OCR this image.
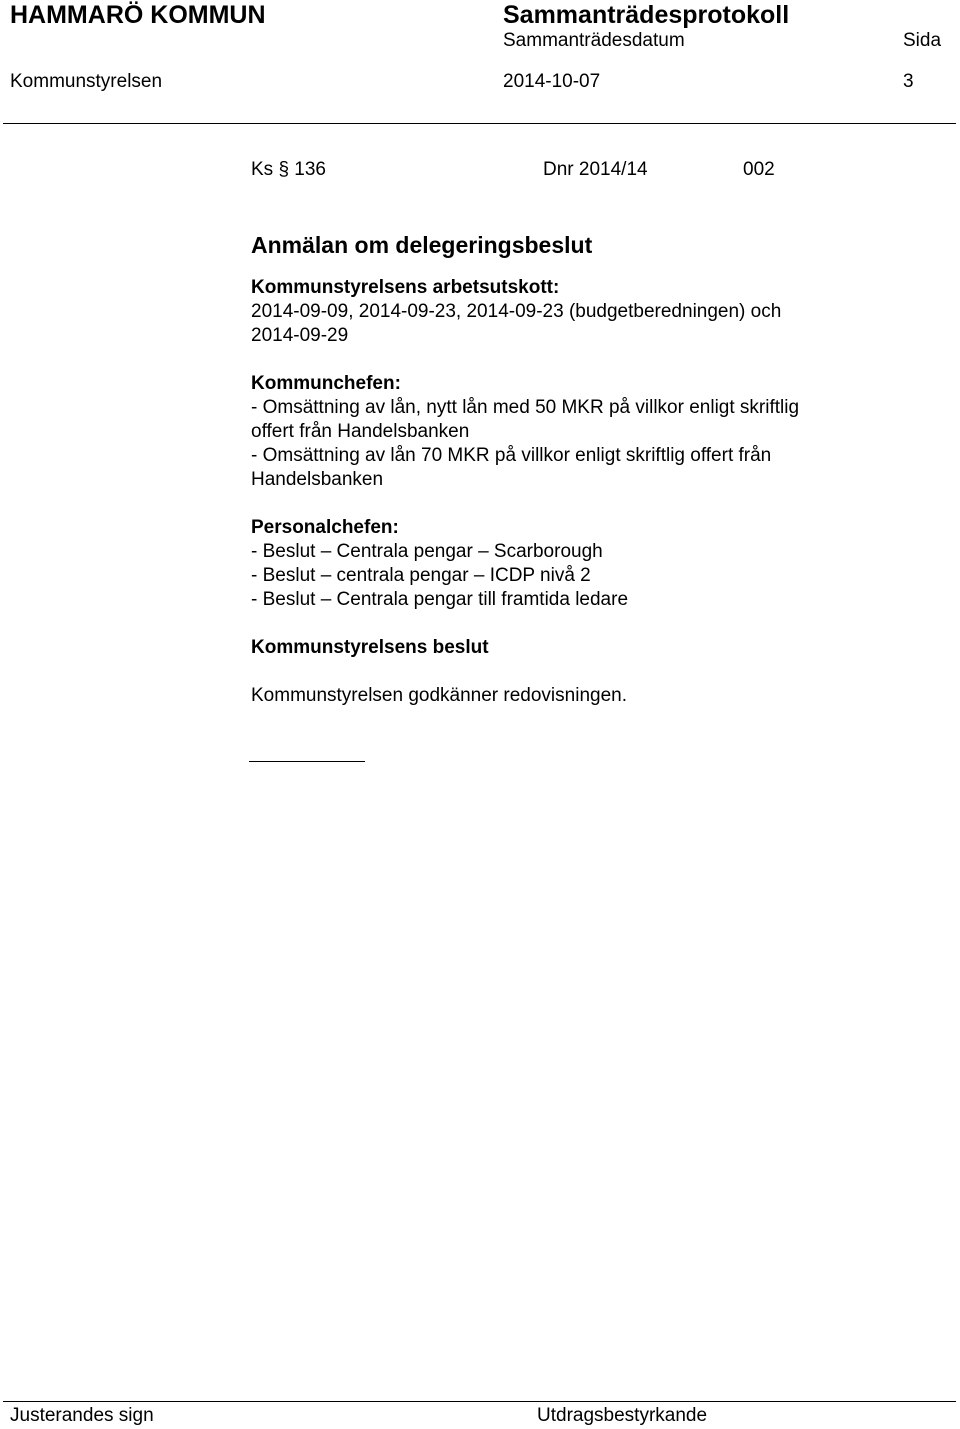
HAMMARÖ KOMMUN	Sammanträdesprotokoll
Sammanträdesdatum	Sida
Kommunstyrelsen	2014-10-07	3
Ks § 136	Dnr 2014/14	002
Anmälan om delegeringsbeslut
Kommunstyrelsens arbetsutskott:
2014-09-09, 2014-09-23, 2014-09-23 (budgetberedningen) och
2014-09-29
Kommunchefen:
- Omsättning av lån, nytt lån med 50 MKR på villkor enligt skriftlig
offert från Handelsbanken
- Omsättning av lån 70 MKR på villkor enligt skriftlig offert från
Handelsbanken
Personalchefen:
- Beslut – Centrala pengar – Scarborough
- Beslut – centrala pengar – ICDP nivå 2
- Beslut – Centrala pengar till framtida ledare
Kommunstyrelsens beslut
Kommunstyrelsen godkänner redovisningen.
Justerandes sign	Utdragsbestyrkande
